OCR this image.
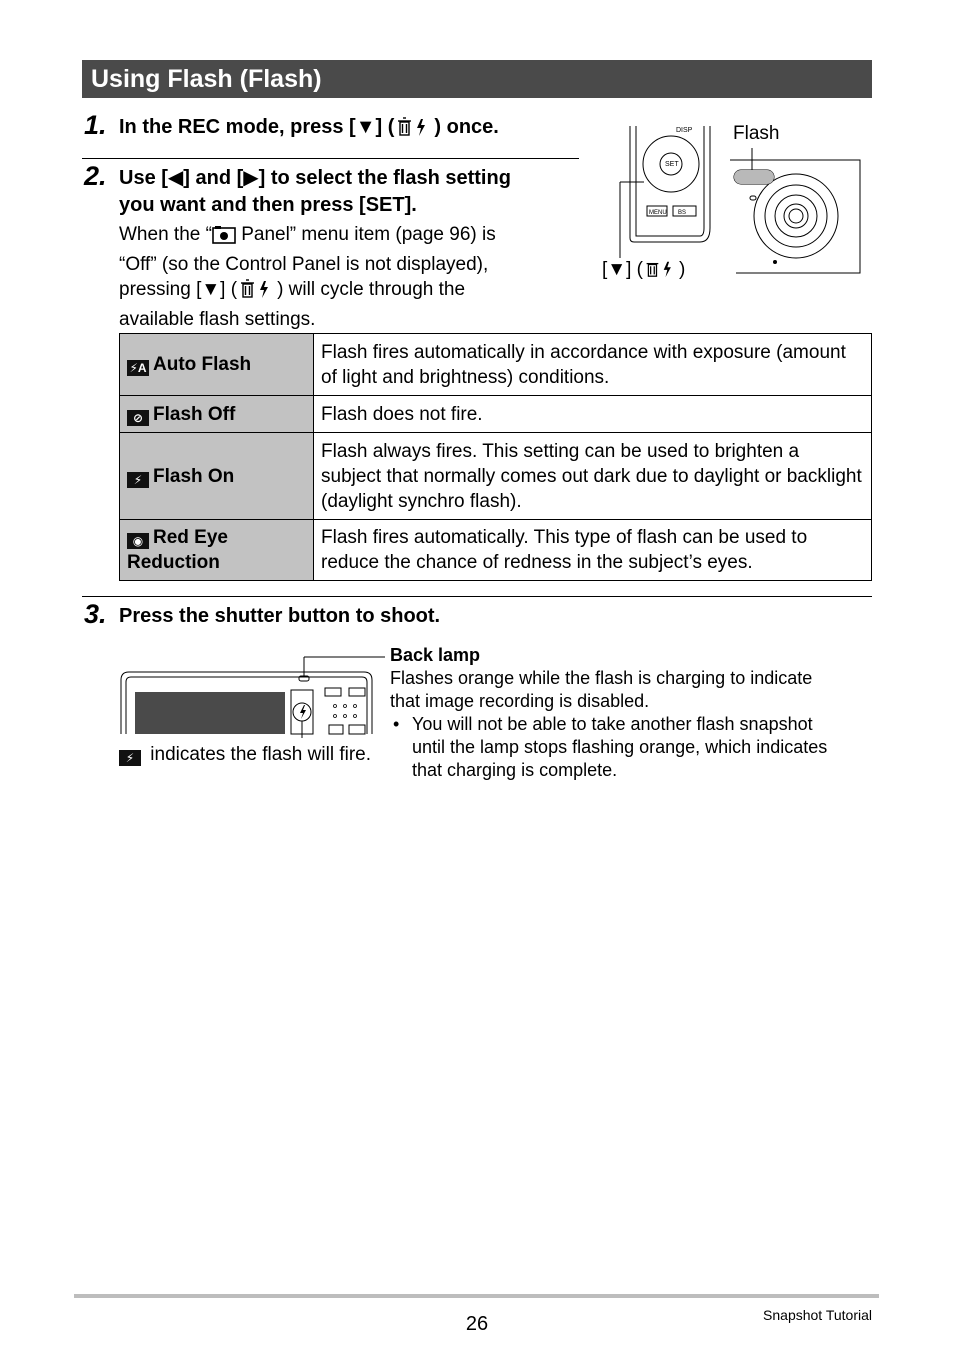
Using Flash (Flash)
1. In the REC mode, press [▼] ( ) once.
2. Use [◀] and [▶] to select the flash setting
you want and then press [SET].
When the “ Panel” menu item (page 96) is
“Off” (so the Control Panel is not displayed),
pressing [▼] ( ) will cycle through the
available flash settings.
DISP
SET
MENU BS
Flash
[▼] ( )
⚡A Auto Flash	Flash fires automatically in accordance with exposure (amount of light and brightness) conditions.
⊘ Flash Off	Flash does not fire.
⚡ Flash On	Flash always fires. This setting can be used to brighten a subject that normally comes out dark due to daylight or backlight (daylight synchro flash).
◉ Red Eye
Reduction	Flash fires automatically. This type of flash can be used to reduce the chance of redness in the subject’s eyes.
3. Press the shutter button to shoot.
⚡ indicates the flash will fire.
Back lamp
Flashes orange while the flash is charging to indicate
that image recording is disabled.
• You will not be able to take another flash snapshot
until the lamp stops flashing orange, which indicates
that charging is complete.
26	Snapshot Tutorial
